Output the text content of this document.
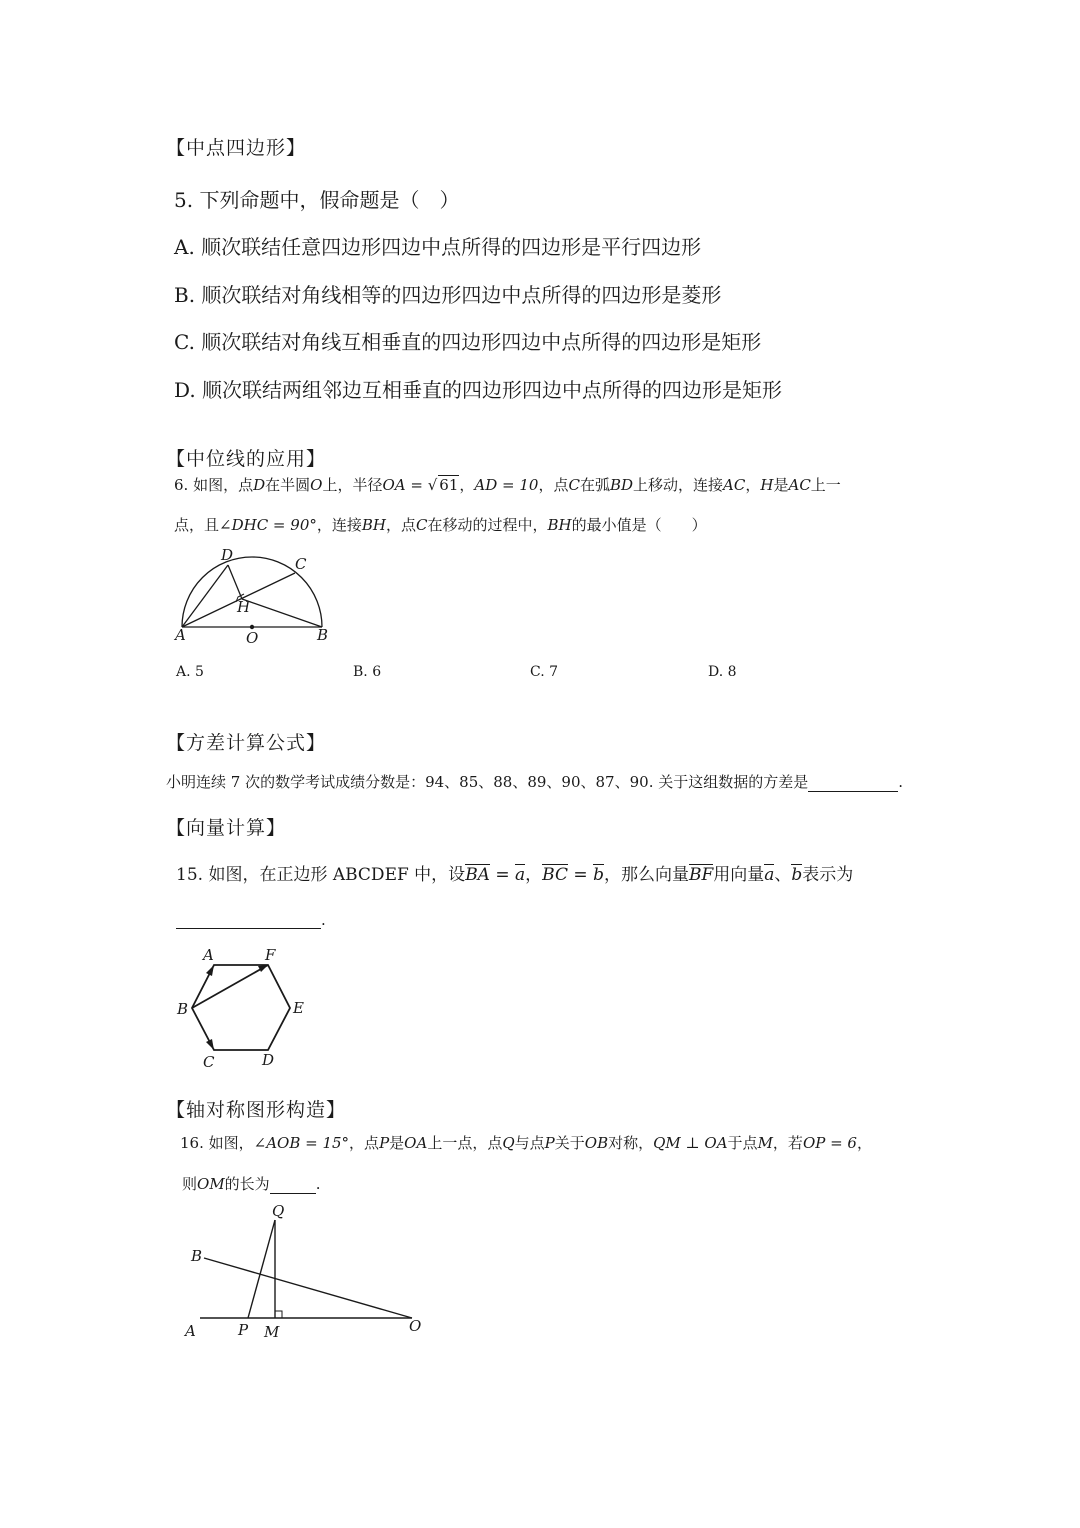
【中点四边形】
5. 下列命题中，假命题是（　）
A. 顺次联结任意四边形四边中点所得的四边形是平行四边形
B. 顺次联结对角线相等的四边形四边中点所得的四边形是菱形
C. 顺次联结对角线互相垂直的四边形四边中点所得的四边形是矩形
D. 顺次联结两组邻边互相垂直的四边形四边中点所得的四边形是矩形
【中位线的应用】
6. 如图，点D在半圆O上，半径OA = √ 61，AD = 10，点C在弧BD上移动，连接AC，H是AC上一
点，且∠DHC = 90°，连接BH，点C在移动的过程中，BH的最小值是（　　）
D	C
H
A	O	B
A. 5	B. 6	C. 7	D. 8
【方差计算公式】
小明连续 7 次的数学考试成绩分数是：94、85、88、89、90、87、90. 关于这组数据的方差是	.
【向量计算】
15. 如图，在正边形 ABCDEF 中，设
BA =
a，
BC =
b，那么向量
BF用向量
a、
b表示为
.
A	F
B	E
C	D
【轴对称图形构造】
16. 如图，∠AOB = 15°，点P是OA上一点，点Q与点P关于OB对称，QM ⊥ OA于点M，若OP = 6，
则OM的长为	.
Q
B
A	P M	O
